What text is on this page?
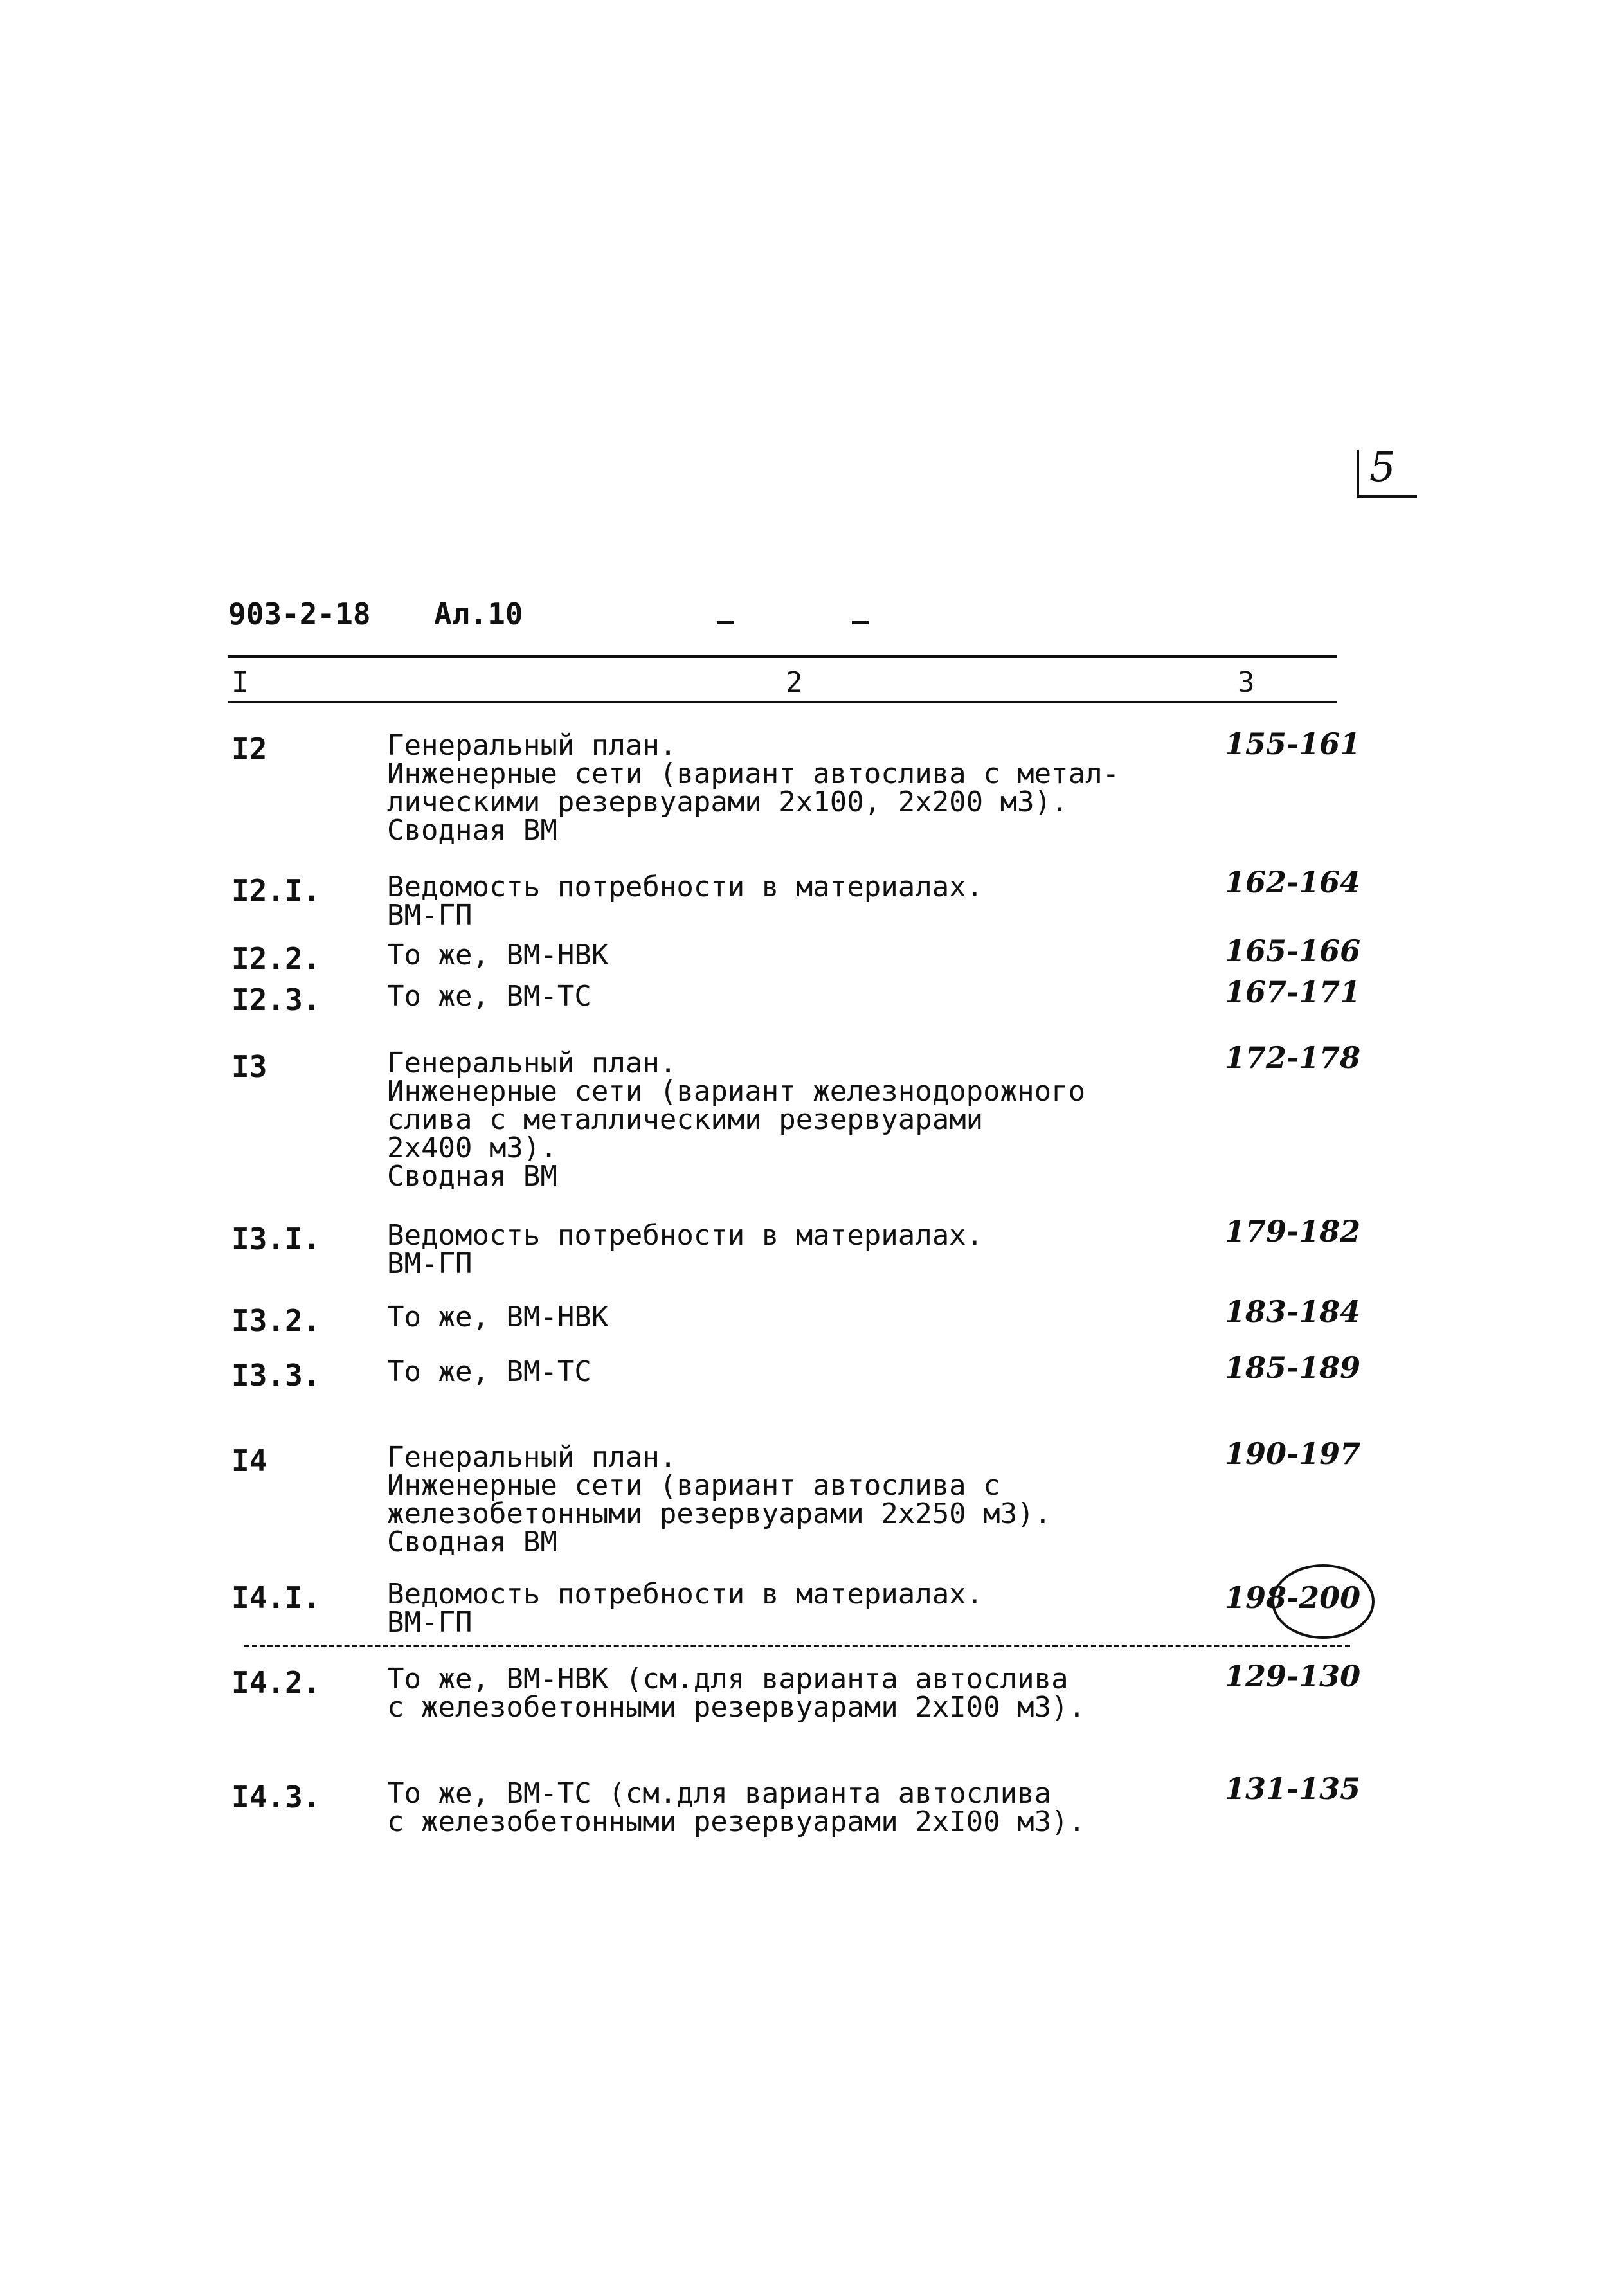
5
903-2-18 Ал.10
I	2	3
I2	Генеральный план.
Инженерные сети (вариант автослива с метал-
лическими резервуарами 2х100, 2х200 м3).
Сводная ВМ
155-161
I2.I. Ведомость потребности в материалах.
ВМ-ГП
162-164
I2.2. То же, ВМ-НВК	165-166
I2.3. То же, ВМ-ТС	167-171
I3	Генеральный план.
Инженерные сети (вариант железнодорожного
слива с металлическими резервуарами
2х400 м3).
Сводная ВМ
172-178
I3.I. Ведомость потребности в материалах.
ВМ-ГП
179-182
I3.2. То же, ВМ-НВК	183-184
I3.3. То же, ВМ-ТС	185-189
I4	Генеральный план.
Инженерные сети (вариант автослива с
железобетонными резервуарами 2х250 м3).
Сводная ВМ
190-197
I4.I. Ведомость потребности в материалах.
ВМ-ГП
198-200
I4.2. То же, ВМ-НВК (см.для варианта автослива
с железобетонными резервуарами 2хI00 м3).
129-130
I4.3. То же, ВМ-ТС (см.для варианта автослива
с железобетонными резервуарами 2хI00 м3).
131-135
